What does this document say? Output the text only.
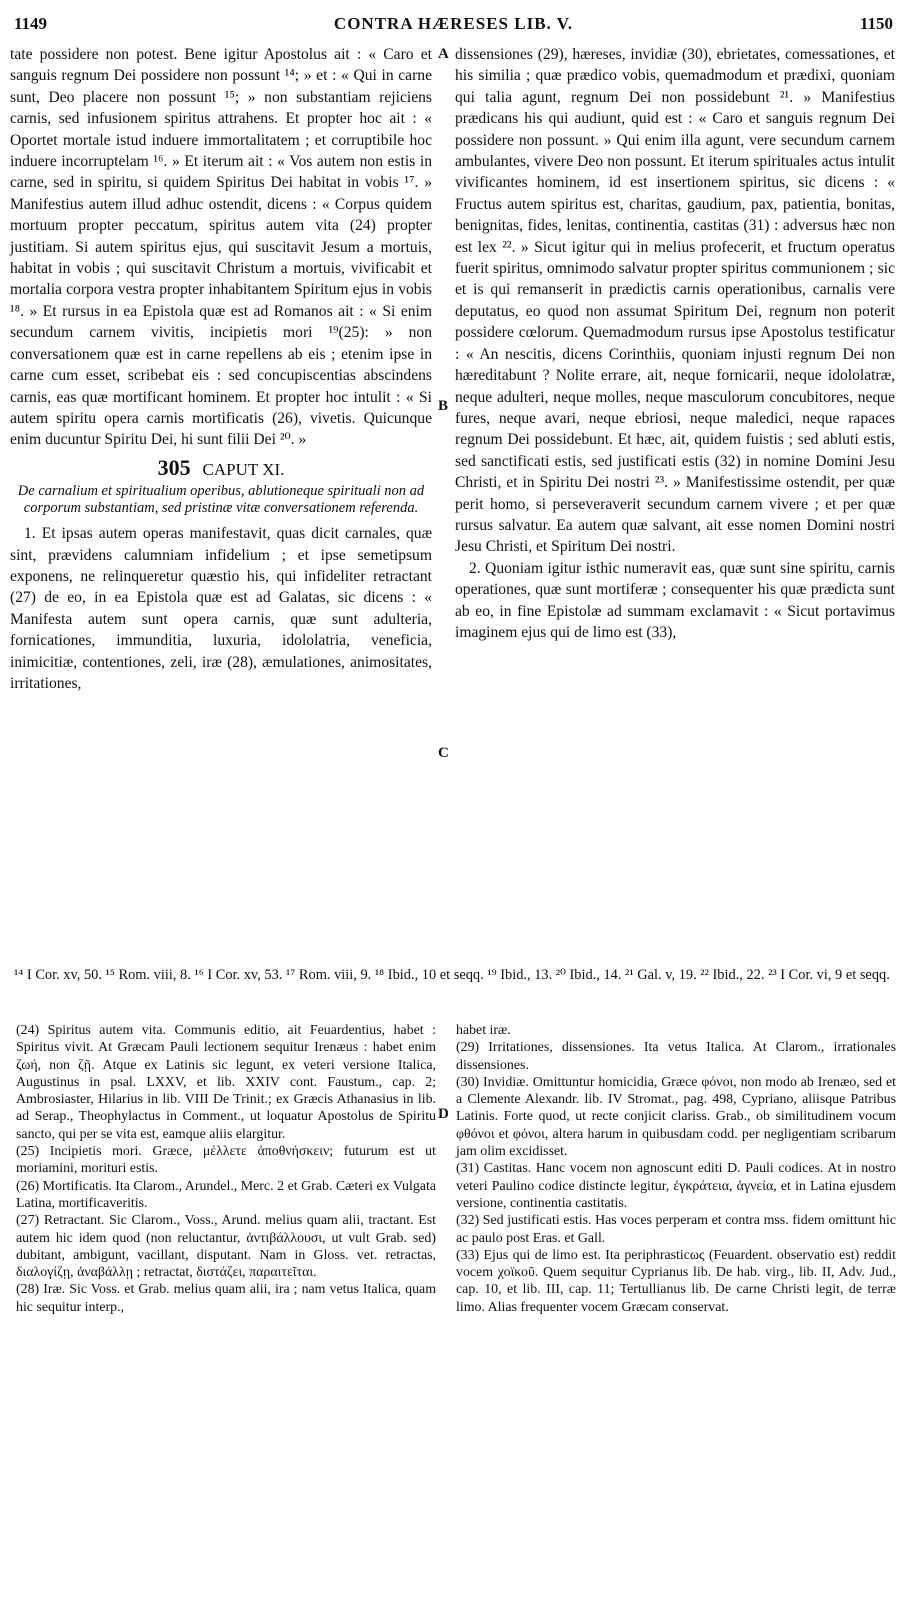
1149	CONTRA HÆRESES LIB. V.	1150
A
B
C
D

tate possidere non potest. Bene igitur Apostolus ait : « Caro et sanguis regnum Dei possidere non possunt ¹⁴; » et : « Qui in carne sunt, Deo placere non possunt ¹⁵; » non substantiam rejiciens carnis, sed infusionem spiritus attrahens. Et propter hoc ait : « Oportet mortale istud induere immortalitatem ; et corruptibile hoc induere incorruptelam ¹⁶. » Et iterum ait : « Vos autem non estis in carne, sed in spiritu, si quidem Spiritus Dei habitat in vobis ¹⁷. » Manifestius autem illud adhuc ostendit, dicens : « Corpus quidem mortuum propter peccatum, spiritus autem vita (24) propter justitiam. Si autem spiritus ejus, qui suscitavit Jesum a mortuis, habitat in vobis ; qui suscitavit Christum a mortuis, vivificabit et mortalia corpora vestra propter inhabitantem Spiritum ejus in vobis ¹⁸. » Et rursus in ea Epistola quæ est ad Romanos ait : « Si enim secundum carnem vivitis, incipietis mori ¹⁹(25): » non conversationem quæ est in carne repellens ab eis ; etenim ipse in carne cum esset, scribebat eis : sed concupiscentias abscindens carnis, eas quæ mortificant hominem. Et propter hoc intulit : « Si autem spiritu opera carnis mortificatis (26), vivetis. Quicunque enim ducuntur Spiritu Dei, hi sunt filii Dei ²⁰. »

305 CAPUT XI.
De carnalium et spiritualium operibus, ablutioneque spirituali non ad corporum substantiam, sed pristinæ vitæ conversationem referenda.

1. Et ipsas autem operas manifestavit, quas dicit carnales, quæ sint, prævidens calumniam infidelium ; et ipse semetipsum exponens, ne relinqueretur quæstio his, qui infideliter retractant (27) de eo, in ea Epistola quæ est ad Galatas, sic dicens : « Manifesta autem sunt opera carnis, quæ sunt adulteria, fornicationes, immunditia, luxuria, idololatria, veneficia, inimicitiæ, contentiones, zeli, iræ (28), æmulationes, animositates, irritationes,

dissensiones (29), hæreses, invidiæ (30), ebrietates, comessationes, et his similia ; quæ prædico vobis, quemadmodum et prædixi, quoniam qui talia agunt, regnum Dei non possidebunt ²¹. » Manifestius prædicans his qui audiunt, quid est : « Caro et sanguis regnum Dei possidere non possunt. » Qui enim illa agunt, vere secundum carnem ambulantes, vivere Deo non possunt. Et iterum spirituales actus intulit vivificantes hominem, id est insertionem spiritus, sic dicens : « Fructus autem spiritus est, charitas, gaudium, pax, patientia, bonitas, benignitas, fides, lenitas, continentia, castitas (31) : adversus hæc non est lex ²². » Sicut igitur qui in melius profecerit, et fructum operatus fuerit spiritus, omnimodo salvatur propter spiritus communionem ; sic et is qui remanserit in prædictis carnis operationibus, carnalis vere deputatus, eo quod non assumat Spiritum Dei, regnum non poterit possidere cœlorum. Quemadmodum rursus ipse Apostolus testificatur : « An nescitis, dicens Corinthiis, quoniam injusti regnum Dei non hæreditabunt ? Nolite errare, ait, neque fornicarii, neque idololatræ, neque adulteri, neque molles, neque masculorum concubitores, neque fures, neque avari, neque ebriosi, neque maledici, neque rapaces regnum Dei possidebunt. Et hæc, ait, quidem fuistis ; sed abluti estis, sed sanctificati estis, sed justificati estis (32) in nomine Domini Jesu Christi, et in Spiritu Dei nostri ²³. » Manifestissime ostendit, per quæ perit homo, si perseveraverit secundum carnem vivere ; et per quæ rursus salvatur. Ea autem quæ salvant, ait esse nomen Domini nostri Jesu Christi, et Spiritum Dei nostri.

2. Quoniam igitur isthic numeravit eas, quæ sunt sine spiritu, carnis operationes, quæ sunt mortiferæ ; consequenter his quæ prædicta sunt ab eo, in fine Epistolæ ad summam exclamavit : « Sicut portavimus imaginem ejus qui de limo est (33),

¹⁴ I Cor. xv, 50. ¹⁵ Rom. viii, 8. ¹⁶ I Cor. xv, 53. ¹⁷ Rom. viii, 9. ¹⁸ Ibid., 10 et seqq. ¹⁹ Ibid., 13. ²⁰ Ibid., 14. ²¹ Gal. v, 19. ²² Ibid., 22. ²³ I Cor. vi, 9 et seqq.

(24) Spiritus autem vita. Communis editio, ait Feuardentius, habet : Spiritus vivit. At Græcam Pauli lectionem sequitur Irenæus : habet enim ζωή, non ζῇ. Atque ex Latinis sic legunt, ex veteri versione Italica, Augustinus in psal. LXXV, et lib. XXIV cont. Faustum., cap. 2; Ambrosiaster, Hilarius in lib. VIII De Trinit.; ex Græcis Athanasius in lib. ad Serap., Theophylactus in Comment., ut loquatur Apostolus de Spiritu sancto, qui per se vita est, eamque aliis elargitur.

(25) Incipietis mori. Græce, μέλλετε ἀποθνήσκειν; futurum est ut moriamini, morituri estis.

(26) Mortificatis. Ita Clarom., Arundel., Merc. 2 et Grab. Cæteri ex Vulgata Latina, mortificaveritis.

(27) Retractant. Sic Clarom., Voss., Arund. melius quam alii, tractant. Est autem hic idem quod (non reluctantur, ἀντιβάλλουσι, ut vult Grab. sed) dubitant, ambigunt, vacillant, disputant. Nam in Gloss. vet. retractas, διαλογίζῃ, ἀναβάλλῃ ; retractat, διστάζει, παραιτεῖται.

(28) Iræ. Sic Voss. et Grab. melius quam alii, ira ; nam vetus Italica, quam hic sequitur interp.,

habet iræ.

(29) Irritationes, dissensiones. Ita vetus Italica. At Clarom., irrationales dissensiones.

(30) Invidiæ. Omittuntur homicidia, Græce φόνοι, non modo ab Irenæo, sed et a Clemente Alexandr. lib. IV Stromat., pag. 498, Cypriano, aliisque Patribus Latinis. Forte quod, ut recte conjicit clariss. Grab., ob similitudinem vocum φθόνοι et φόνοι, altera harum in quibusdam codd. per negligentiam scribarum jam olim excidisset.

(31) Castitas. Hanc vocem non agnoscunt editi D. Pauli codices. At in nostro veteri Paulino codice distincte legitur, ἐγκράτεια, ἁγνεία, et in Latina ejusdem versione, continentia castitatis.

(32) Sed justificati estis. Has voces perperam et contra mss. fidem omittunt hic ac paulo post Eras. et Gall.

(33) Ejus qui de limo est. Ita periphrasticως (Feuardent. observatio est) reddit vocem χοϊκοῦ. Quem sequitur Cyprianus lib. De hab. virg., lib. II, Adv. Jud., cap. 10, et lib. III, cap. 11; Tertullianus lib. De carne Christi legit, de terræ limo. Alias frequenter vocem Græcam conservat.
